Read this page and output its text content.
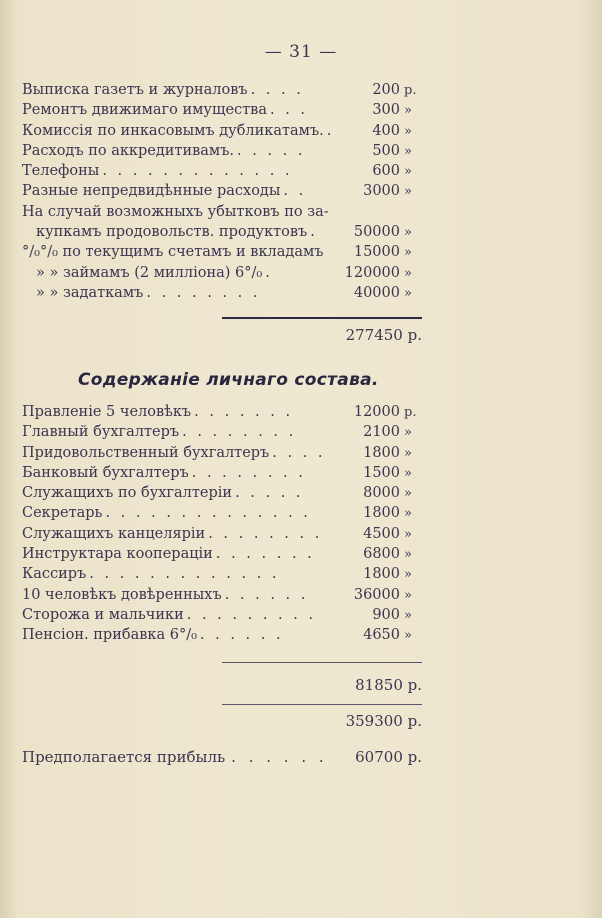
— 31 —
Выписка газетъ и журналовъ . . . .	200 р.
Ремонтъ движимаго имущества . . .	300 »
Комиссія по инкасовымъ дубликатамъ. .	400 »
Расходъ по аккредитивамъ. . . . . .	500 »
Телефоны . . . . . . . . . . . . .	600 »
Разные непредвидѣнные расходы . .	3000 »
На случай возможныхъ убытковъ по за-
купкамъ продовольств. продуктовъ .	50000 »
°/₀°/₀ по текущимъ счетамъ и вкладамъ 15000 »
» » займамъ (2 милліона) 6°/₀ .	120000 »
» » задаткамъ . . . . . . . .	40000 »
277450 р.
Содержаніе личнаго состава.
Правленіе 5 человѣкъ . . . . . . .	12000 р.
Главный бухгалтеръ . . . . . . . .	2100 »
Придовольственный бухгалтеръ . . . .	1800 »
Банковый бухгалтеръ . . . . . . . .	1500 »
Служащихъ по бухгалтеріи . . . . .	8000 »
Секретарь . . . . . . . . . . . . . .	1800 »
Служащихъ канцеляріи . . . . . . . .	4500 »
Инструктара коопераціи . . . . . . .	6800 »
Кассиръ . . . . . . . . . . . . .	1800 »
10 человѣкъ довѣренныхъ . . . . . .	36000 »
Сторожа и мальчики . . . . . . . . .	900 »
Пенсіон. прибавка 6°/₀ . . . . . .	4650 »
81850 р.
359300 р.
Предполагается прибыль . . . . . .	60700 р.
